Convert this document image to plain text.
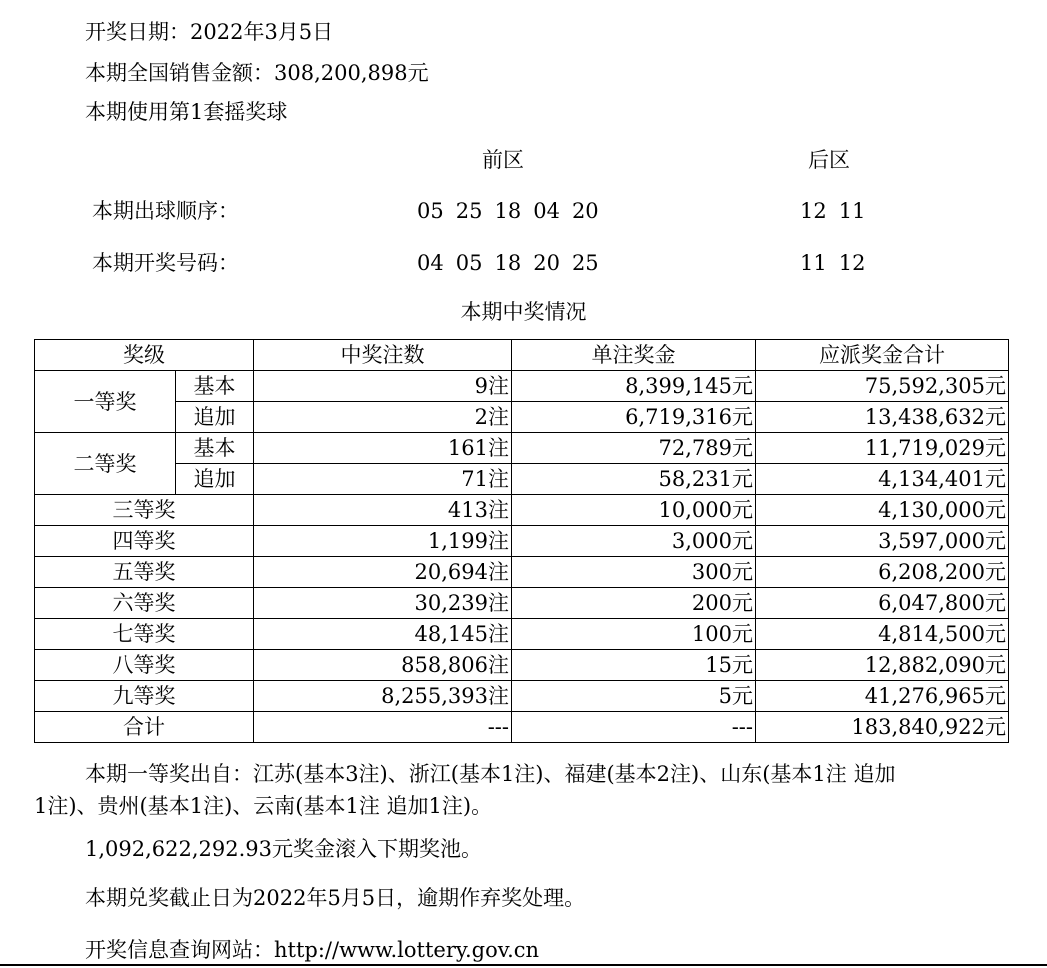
开奖日期：2022年3月5日
本期全国销售金额：308,200,898元
本期使用第1套摇奖球
前区	后区
本期出球顺序：	05 25 18 04 20	12 11
本期开奖号码：	04 05 18 20 25	11 12
本期中奖情况
奖级		中奖注数	单注奖金	应派奖金合计
一等奖	基本	9注	8,399,145元	75,592,305元
	追加	2注	6,719,316元	13,438,632元
二等奖	基本	161注	72,789元	11,719,029元
	追加	71注	58,231元	4,134,401元
三等奖		413注	10,000元	4,130,000元
四等奖		1,199注	3,000元	3,597,000元
五等奖		20,694注	300元	6,208,200元
六等奖		30,239注	200元	6,047,800元
七等奖		48,145注	100元	4,814,500元
八等奖		858,806注	15元	12,882,090元
九等奖		8,255,393注	5元	41,276,965元
合计		---	---	183,840,922元
本期一等奖出自：江苏(基本3注)、浙江(基本1注)、福建(基本2注)、山东(基本1注 追加
1注)、贵州(基本1注)、云南(基本1注 追加1注)。
1,092,622,292.93元奖金滚入下期奖池。
本期兑奖截止日为2022年5月5日，逾期作弃奖处理。
开奖信息查询网站：http://www.lottery.gov.cn
